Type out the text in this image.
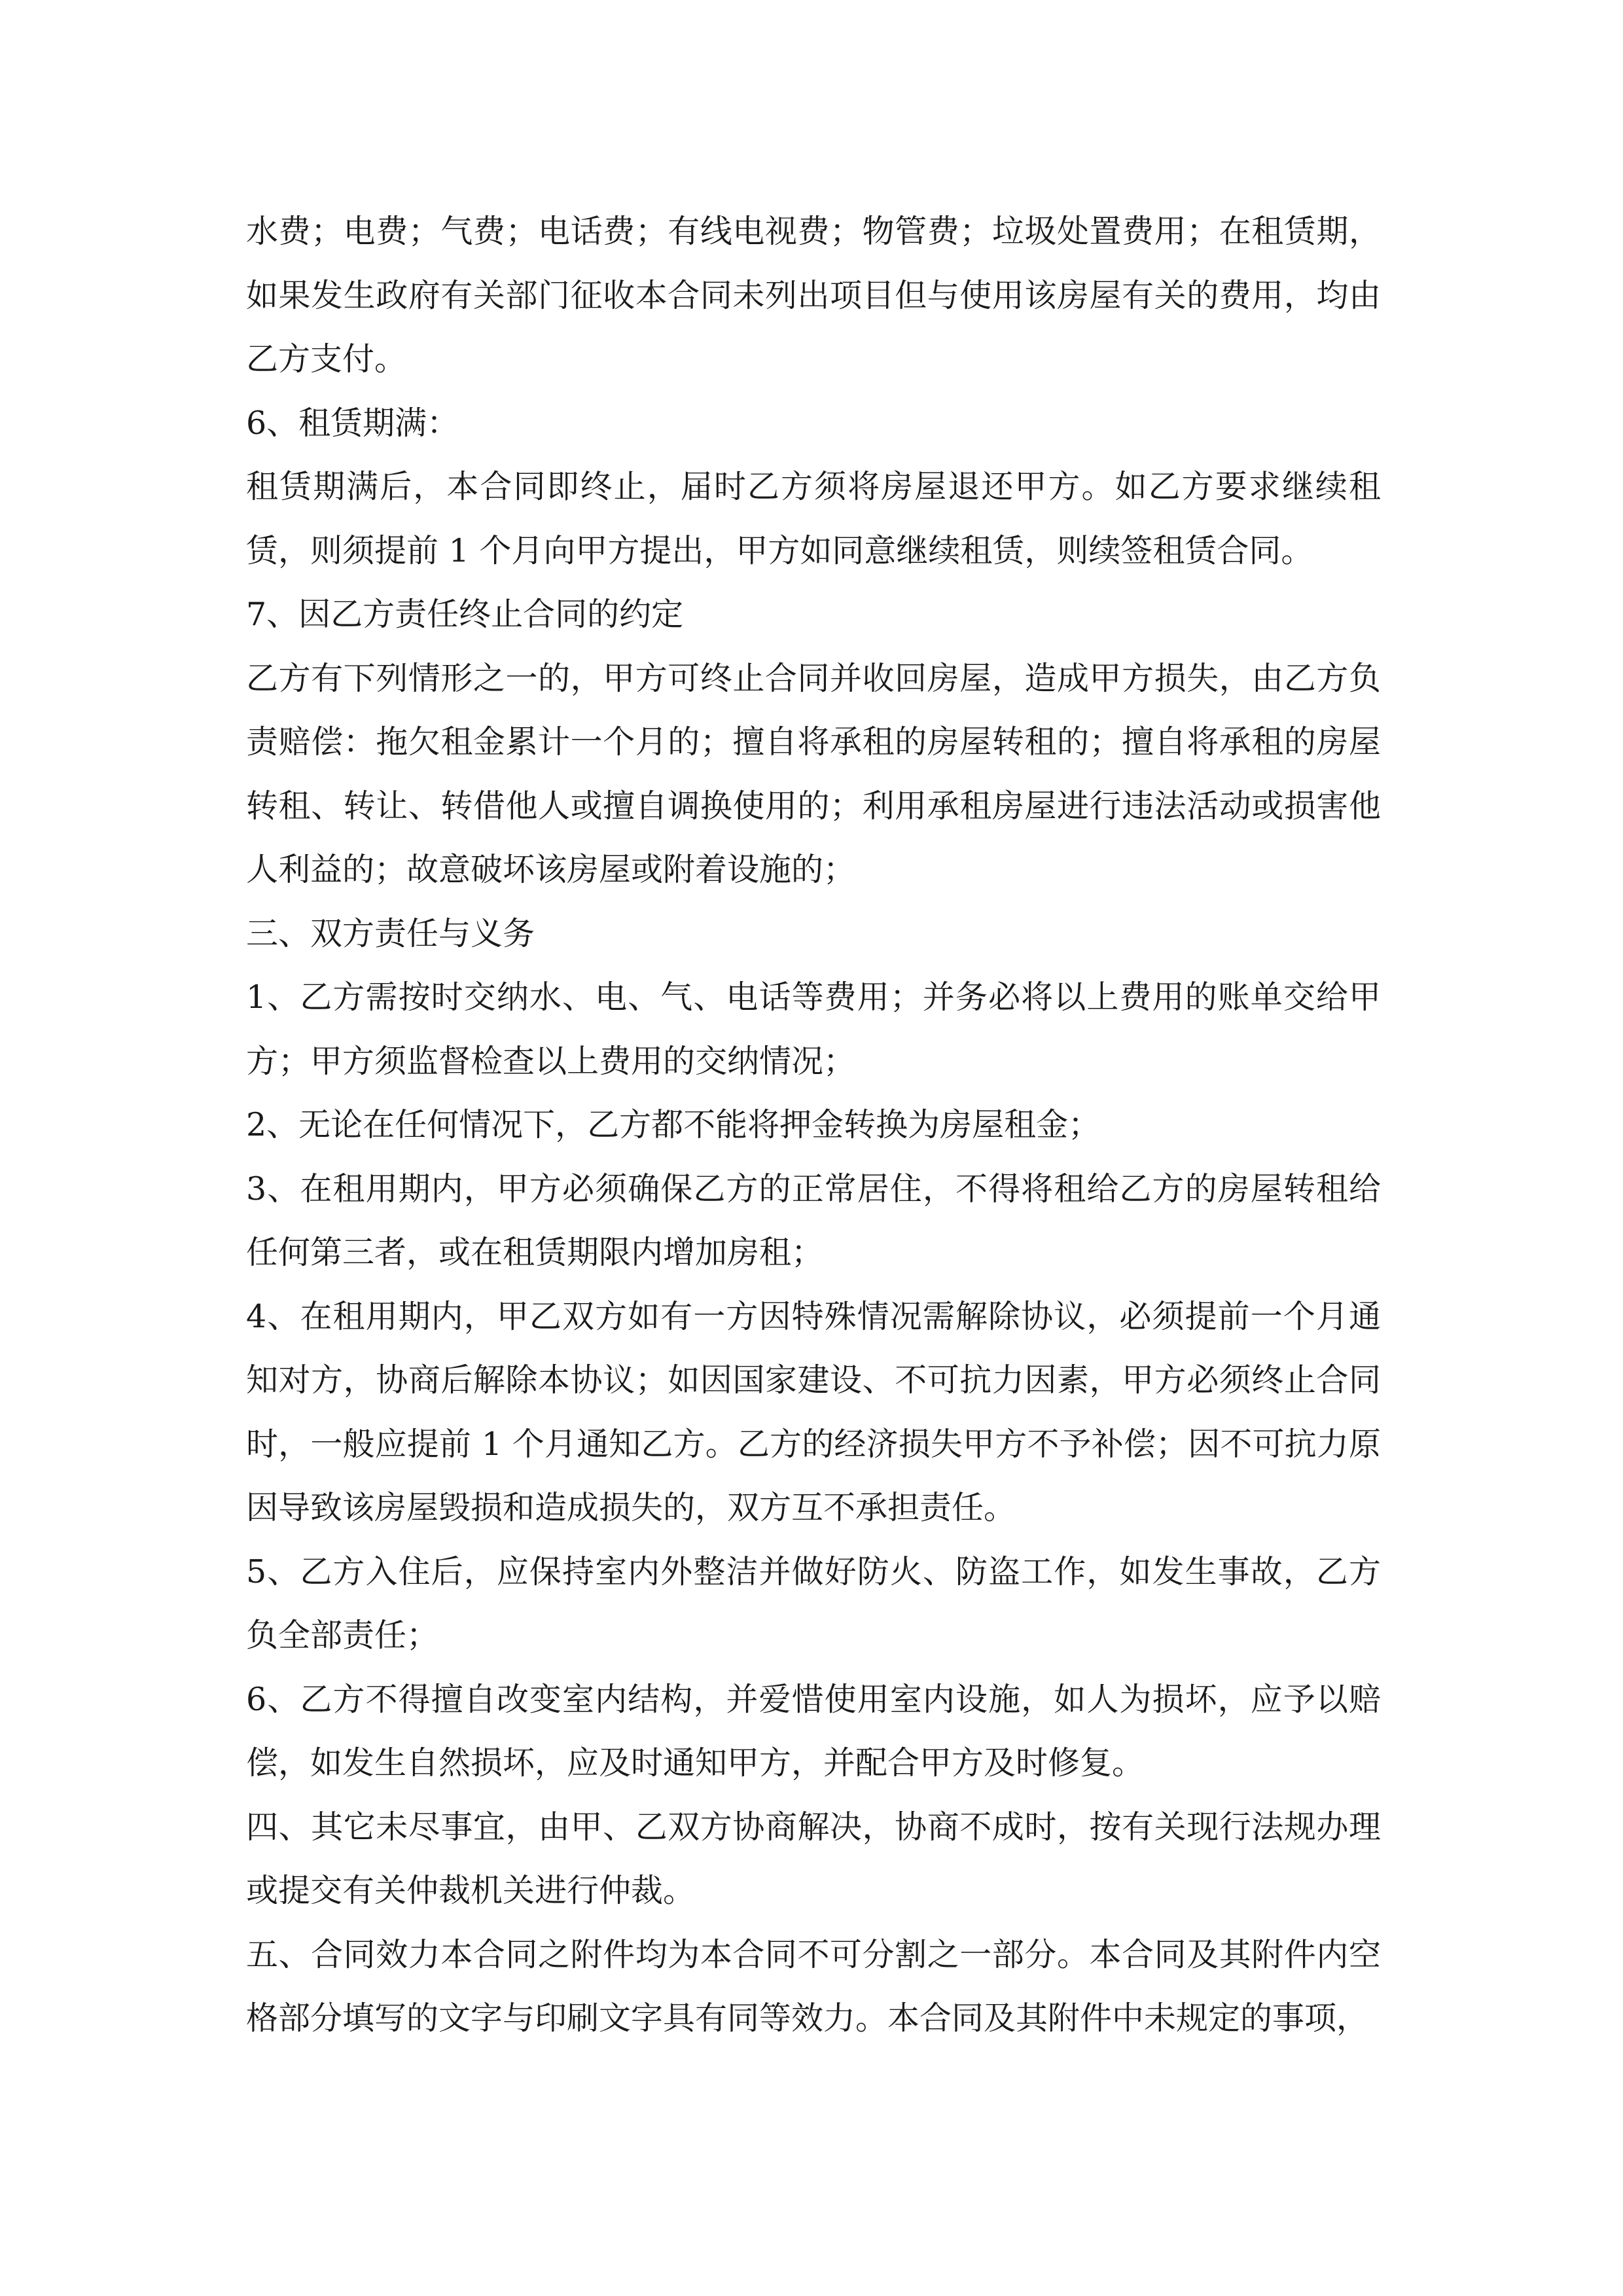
水费；电费；气费；电话费；有线电视费；物管费；垃圾处置费用；在租赁期，如果发生政府有关部门征收本合同未列出项目但与使用该房屋有关的费用，均由乙方支付。

6、租赁期满：

租赁期满后，本合同即终止，届时乙方须将房屋退还甲方。如乙方要求继续租赁，则须提前 1 个月向甲方提出，甲方如同意继续租赁，则续签租赁合同。

7、因乙方责任终止合同的约定

乙方有下列情形之一的，甲方可终止合同并收回房屋，造成甲方损失，由乙方负责赔偿：拖欠租金累计一个月的；擅自将承租的房屋转租的；擅自将承租的房屋转租、转让、转借他人或擅自调换使用的；利用承租房屋进行违法活动或损害他人利益的；故意破坏该房屋或附着设施的；

三、双方责任与义务

1、乙方需按时交纳水、电、气、电话等费用；并务必将以上费用的账单交给甲方；甲方须监督检查以上费用的交纳情况；

2、无论在任何情况下，乙方都不能将押金转换为房屋租金；

3、在租用期内，甲方必须确保乙方的正常居住，不得将租给乙方的房屋转租给任何第三者，或在租赁期限内增加房租；

4、在租用期内，甲乙双方如有一方因特殊情况需解除协议，必须提前一个月通知对方，协商后解除本协议；如因国家建设、不可抗力因素，甲方必须终止合同时，一般应提前 1 个月通知乙方。乙方的经济损失甲方不予补偿；因不可抗力原因导致该房屋毁损和造成损失的，双方互不承担责任。

5、乙方入住后，应保持室内外整洁并做好防火、防盗工作，如发生事故，乙方负全部责任；

6、乙方不得擅自改变室内结构，并爱惜使用室内设施，如人为损坏，应予以赔偿，如发生自然损坏，应及时通知甲方，并配合甲方及时修复。

四、其它未尽事宜，由甲、乙双方协商解决，协商不成时，按有关现行法规办理或提交有关仲裁机关进行仲裁。

五、合同效力本合同之附件均为本合同不可分割之一部分。本合同及其附件内空格部分填写的文字与印刷文字具有同等效力。本合同及其附件中未规定的事项，
